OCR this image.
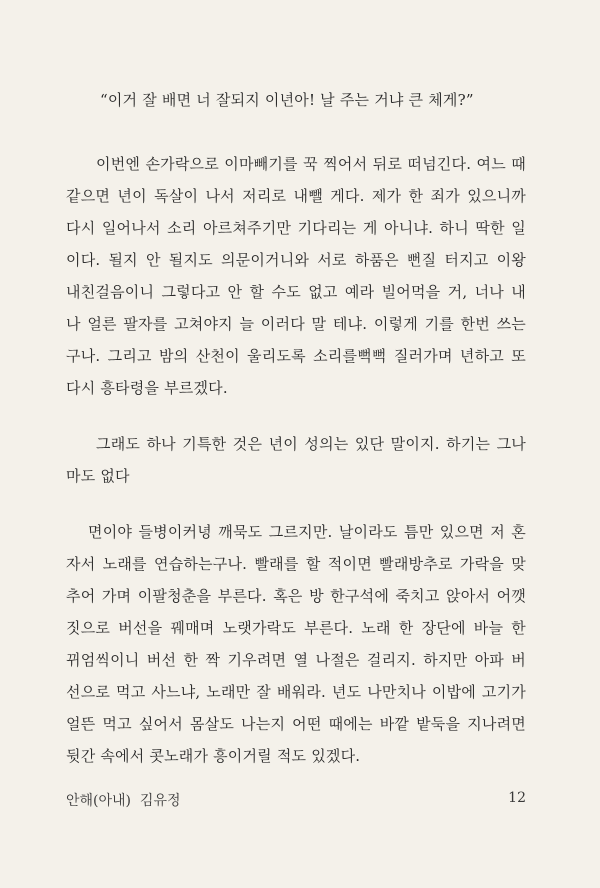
“이거 잘 배면 너 잘되지 이년아! 날 주는 거냐 큰 체게?”
이번엔 손가락으로 이마빼기를 꾹 찍어서 뒤로 떠넘긴다. 여느 때
같으면 년이 독살이 나서 저리로 내뺄 게다. 제가 한 죄가 있으니까
다시 일어나서 소리 아르쳐주기만 기다리는 게 아니냐. 하니 딱한 일
이다. 될지 안 될지도 의문이거니와 서로 하품은 뻔질 터지고 이왕
내친걸음이니 그렇다고 안 할 수도 없고 예라 빌어먹을 거, 너나 내
나 얼른 팔자를 고쳐야지 늘 이러다 말 테냐. 이렇게 기를 한번 쓰는
구나. 그리고 밤의 산천이 울리도록 소리를뻑뻑 질러가며 년하고 또
다시 흥타령을 부르겠다.
그래도 하나 기특한 것은 년이 성의는 있단 말이지. 하기는 그나
마도 없다
면이야 들병이커녕 깨묵도 그르지만. 날이라도 틈만 있으면 저 혼
자서 노래를 연습하는구나. 빨래를 할 적이면 빨래방추로 가락을 맞
추어 가며 이팔청춘을 부른다. 혹은 방 한구석에 죽치고 앉아서 어깻
짓으로 버선을 꿰매며 노랫가락도 부른다. 노래 한 장단에 바늘 한
뀌엄씩이니 버선 한 짝 기우려면 열 나절은 걸리지. 하지만 아파 버
선으로 먹고 사느냐, 노래만 잘 배워라. 년도 나만치나 이밥에 고기가
얼뜬 먹고 싶어서 몸살도 나는지 어떤 때에는 바깥 밭둑을 지나려면
뒷간 속에서 콧노래가 흥이거릴 적도 있겠다.
안해(아내)  김유정	12
